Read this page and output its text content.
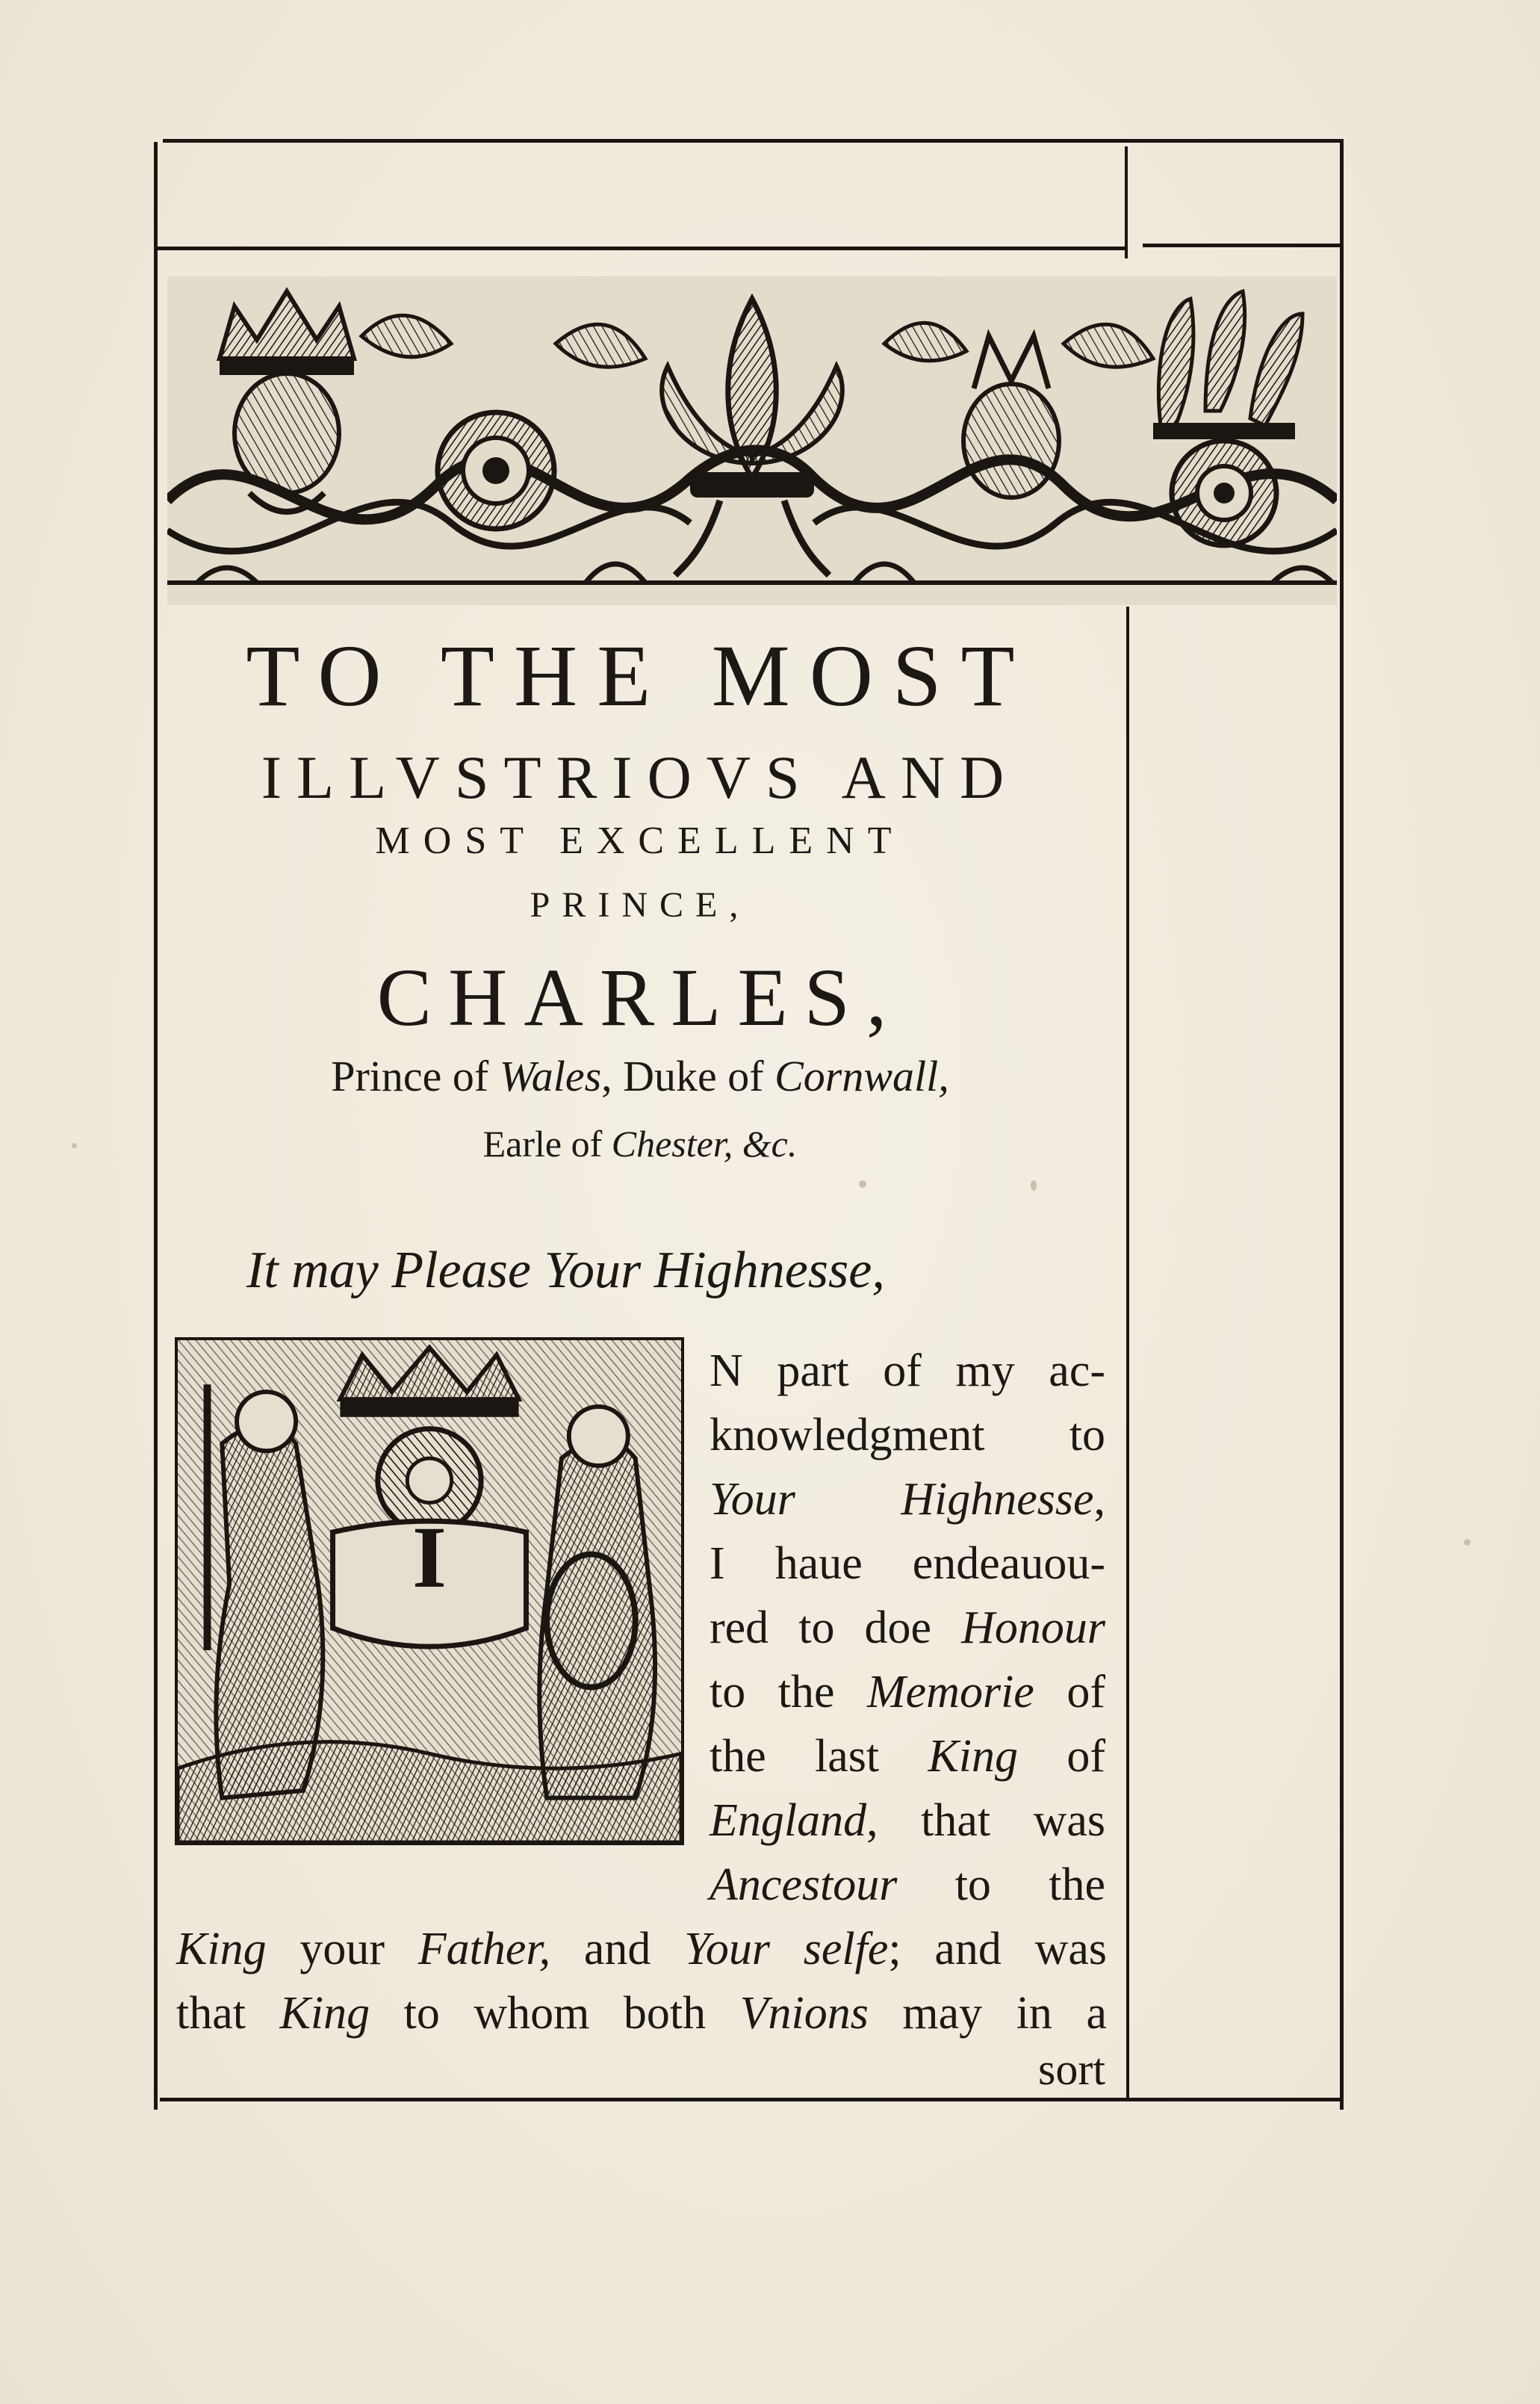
TO THE MOST
ILLVSTRIOVS AND
MOST EXCELLENT
PRINCE,
CHARLES,
Prince of Wales, Duke of Cornwall,
Earle of Chester, &c.
It may Please Your Highnesse,
I

N part of my ac-

knowledgment to

Your Highnesse,

I haue endeauou-

red to doe Honour

to the Memorie of

the last King of

England, that was

Ancestour to the

King your Father, and Your selfe; and was

that King to whom both Vnions may in a

sort
